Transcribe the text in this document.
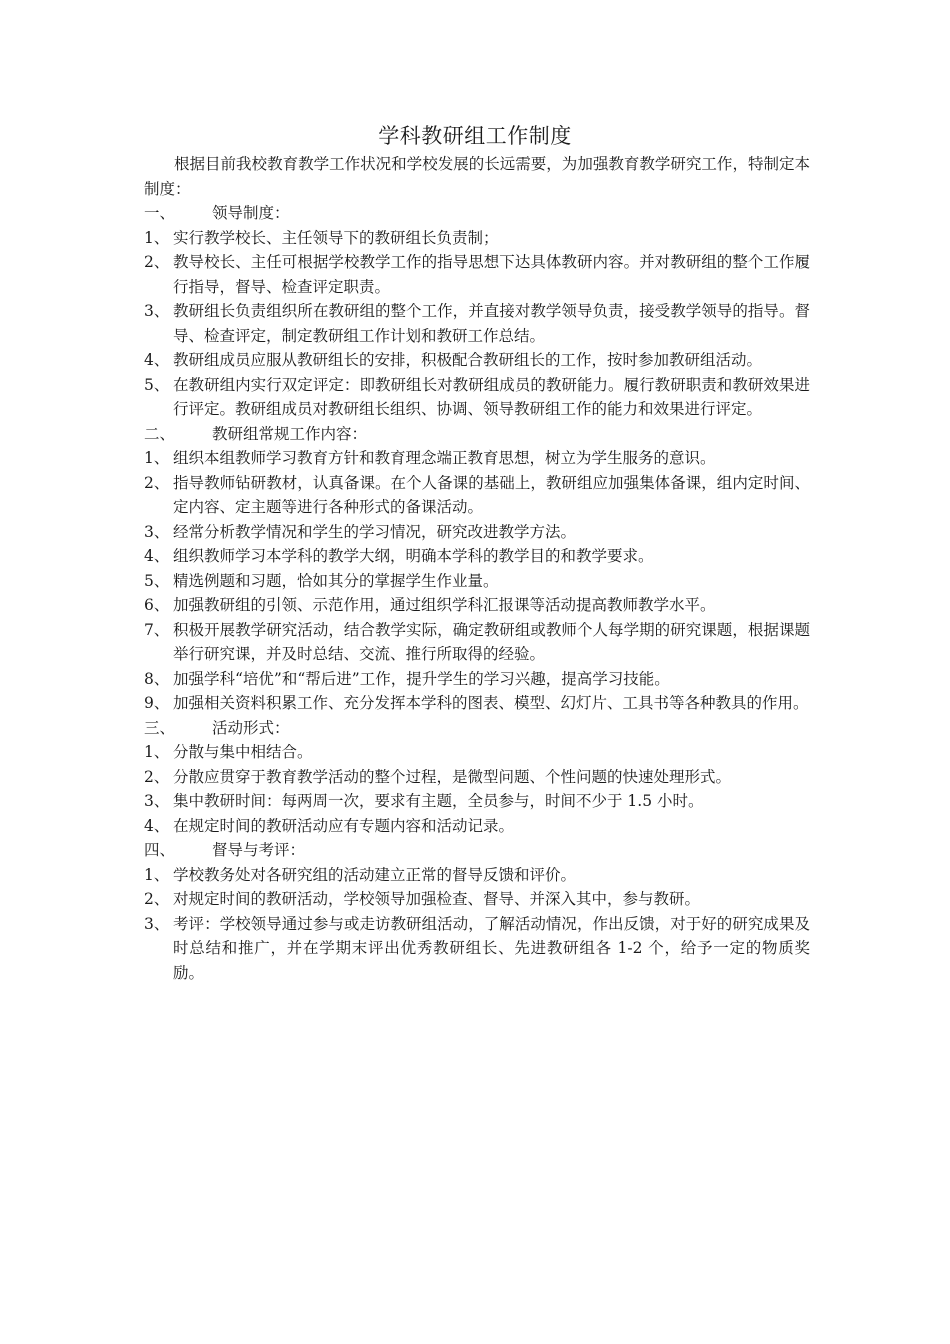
学科教研组工作制度
根据目前我校教育教学工作状况和学校发展的长远需要，为加强教育教学研究工作，特制定本制度：
一、 领导制度：
1、 实行教学校长、主任领导下的教研组长负责制；
2、 教导校长、主任可根据学校教学工作的指导思想下达具体教研内容。并对教研组的整个工作履行指导，督导、检查评定职责。
3、 教研组长负责组织所在教研组的整个工作，并直接对教学领导负责，接受教学领导的指导。督导、检查评定，制定教研组工作计划和教研工作总结。
4、 教研组成员应服从教研组长的安排，积极配合教研组长的工作，按时参加教研组活动。
5、 在教研组内实行双定评定：即教研组长对教研组成员的教研能力。履行教研职责和教研效果进行评定。教研组成员对教研组长组织、协调、领导教研组工作的能力和效果进行评定。
二、 教研组常规工作内容：
1、 组织本组教师学习教育方针和教育理念端正教育思想，树立为学生服务的意识。
2、 指导教师钻研教材，认真备课。在个人备课的基础上，教研组应加强集体备课，组内定时间、定内容、定主题等进行各种形式的备课活动。
3、 经常分析教学情况和学生的学习情况，研究改进教学方法。
4、 组织教师学习本学科的教学大纲，明确本学科的教学目的和教学要求。
5、 精选例题和习题，恰如其分的掌握学生作业量。
6、 加强教研组的引领、示范作用，通过组织学科汇报课等活动提高教师教学水平。
7、 积极开展教学研究活动，结合教学实际，确定教研组或教师个人每学期的研究课题，根据课题举行研究课，并及时总结、交流、推行所取得的经验。
8、 加强学科“培优”和“帮后进”工作，提升学生的学习兴趣，提高学习技能。
9、 加强相关资料积累工作、充分发挥本学科的图表、模型、幻灯片、工具书等各种教具的作用。
三、 活动形式：
1、 分散与集中相结合。
2、 分散应贯穿于教育教学活动的整个过程，是微型问题、个性问题的快速处理形式。
3、 集中教研时间：每两周一次，要求有主题，全员参与，时间不少于 1.5 小时。
4、 在规定时间的教研活动应有专题内容和活动记录。
四、 督导与考评：
1、 学校教务处对各研究组的活动建立正常的督导反馈和评价。
2、 对规定时间的教研活动，学校领导加强检查、督导、并深入其中，参与教研。
3、 考评：学校领导通过参与或走访教研组活动，了解活动情况，作出反馈，对于好的研究成果及时总结和推广，并在学期末评出优秀教研组长、先进教研组各 1-2 个，给予一定的物质奖励。
